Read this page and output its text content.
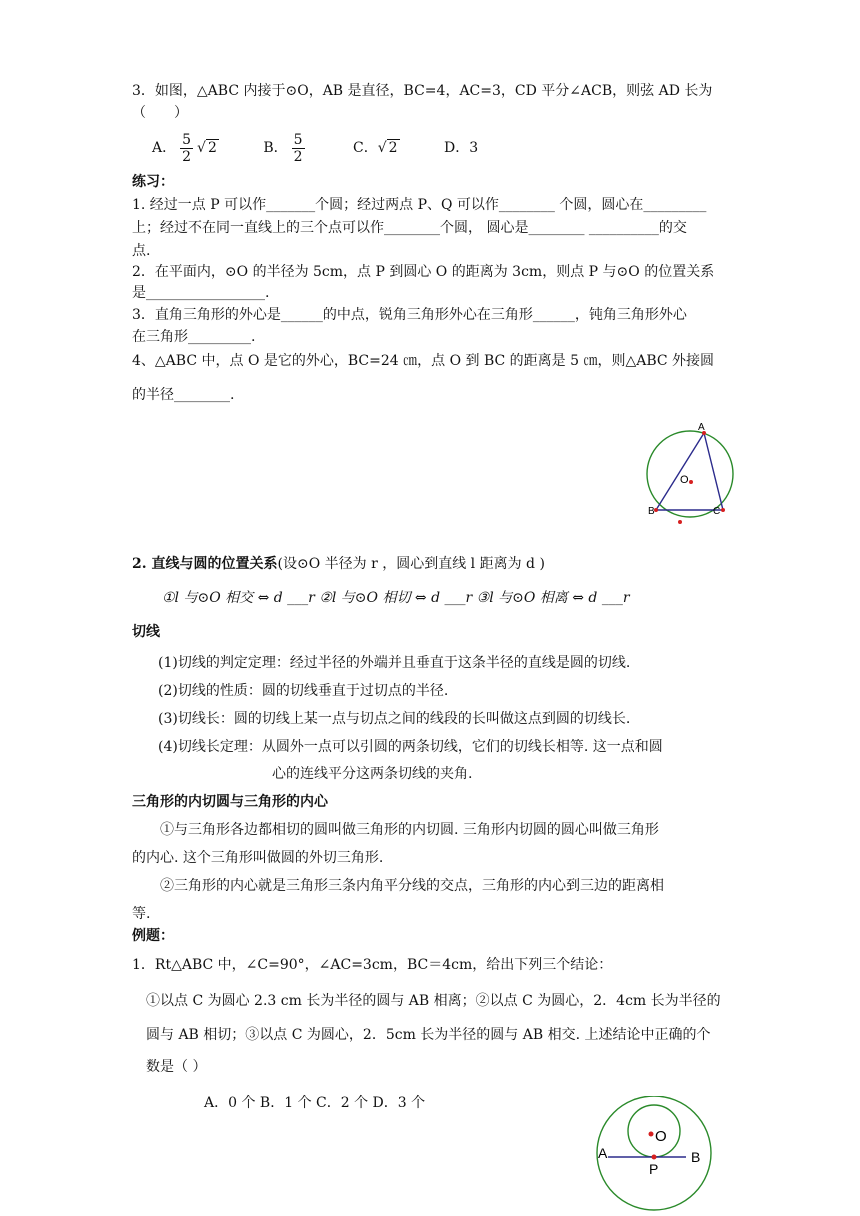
3．如图，△ABC 内接于⊙O，AB 是直径，BC=4，AC=3，CD 平分∠ACB，则弦 AD 长为
（　　）
A． $\frac{5}{2}$ √ 2	B． $\frac{5}{2}$	C．√ 2	D．3
练习：
1. 经过一点 P 可以作_______个圆；经过两点 P、Q 可以作________ 个圆，圆心在_________
上；经过不在同一直线上的三个点可以作________个圆， 圆心是________ __________的交
点.
2．在平面内，⊙O 的半径为 5cm，点 P 到圆心 O 的距离为 3cm，则点 P 与⊙O 的位置关系
是_________________.
3．直角三角形的外心是______的中点，锐角三角形外心在三角形______，钝角三角形外心
在三角形_________.
4、△ABC 中，点 O 是它的外心，BC=24 ㎝，点 O 到 BC 的距离是 5 ㎝，则△ABC 外接圆
的半径________.
A
O
B	C
2. 直线与圆的位置关系(设⊙O 半径为 r ，圆心到直线 l 距离为 d )
①l 与⊙O 相交 ⇔ d ___r ②l 与⊙O 相切 ⇔ d ___r ③l 与⊙O 相离 ⇔ d ___r
切线
(1)切线的判定定理：经过半径的外端并且垂直于这条半径的直线是圆的切线.
(2)切线的性质：圆的切线垂直于过切点的半径.
(3)切线长：圆的切线上某一点与切点之间的线段的长叫做这点到圆的切线长.
(4)切线长定理：从圆外一点可以引圆的两条切线，它们的切线长相等. 这一点和圆
心的连线平分这两条切线的夹角.
三角形的内切圆与三角形的内心
①与三角形各边都相切的圆叫做三角形的内切圆. 三角形内切圆的圆心叫做三角形
的内心. 这个三角形叫做圆的外切三角形.
②三角形的内心就是三角形三条内角平分线的交点，三角形的内心到三边的距离相
等.
例题：
1．Rt△ABC 中，∠C=90°，∠AC=3cm，BC＝4cm，给出下列三个结论：
①以点 C 为圆心 2.3 cm 长为半径的圆与 AB 相离；②以点 C 为圆心，2．4cm 长为半径的
圆与 AB 相切；③以点 C 为圆心，2．5cm 长为半径的圆与 AB 相交. 上述结论中正确的个
数是（ ）
A．0 个 B．1 个 C．2 个 D．3 个
O
A
P
B
